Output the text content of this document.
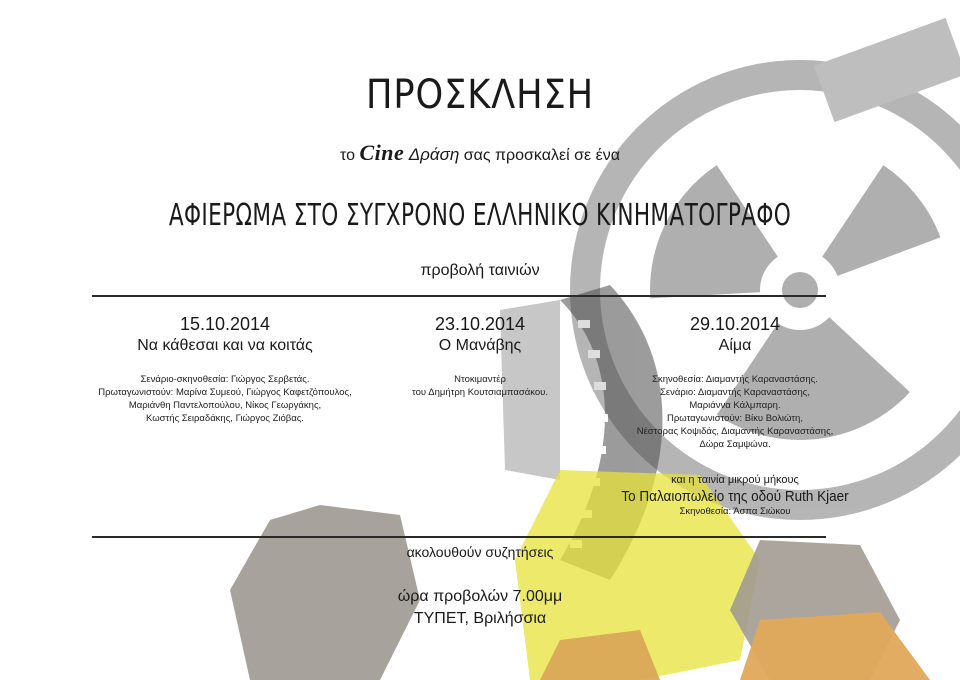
ΠΡΟΣΚΛΗΣΗ
το Cine Δράση σας προσκαλεί σε ένα
ΑΦΙΕΡΩΜΑ ΣΤΟ ΣΥΓΧΡΟΝΟ ΕΛΛΗΝΙΚΟ ΚΙΝΗΜΑΤΟΓΡΑΦΟ
προβολή ταινιών
15.10.2014
Να κάθεσαι και να κοιτάς
Σενάριο-σκηνοθεσία: Γιώργος Σερβετάς.
Πρωταγωνιστούν: Μαρίνα Συμεού, Γιώργος Καφετζόπουλος,
Μαριάνθη Παντελοπούλου, Νίκος Γεωργάκης,
Κωστής Σειραδάκης, Γιώργος Ζιόβας.
23.10.2014
Ο Μανάβης
Ντοκιμαντέρ
του Δημήτρη Κουτσιαμπασάκου.
29.10.2014
Αίμα
Σκηνοθεσία: Διαμαντής Καραναστάσης.
Σενάριο: Διαμαντής Καραναστάσης,
Μαριάννα Κάλμπαρη.
Πρωταγωνιστούν: Βίκυ Βολιώτη,
Νέστορας Κοψιδάς, Διαμαντής Καραναστάσης,
Δώρα Σαμψώνα.
και η ταινία μικρού μήκους
Το Παλαιοπωλείο της οδού Ruth Kjaer
Σκηνοθεσία: Άσπα Σιώκου
ακολουθούν συζητήσεις
ώρα προβολών 7.00μμ
ΤΥΠΕΤ, Βριλήσσια
